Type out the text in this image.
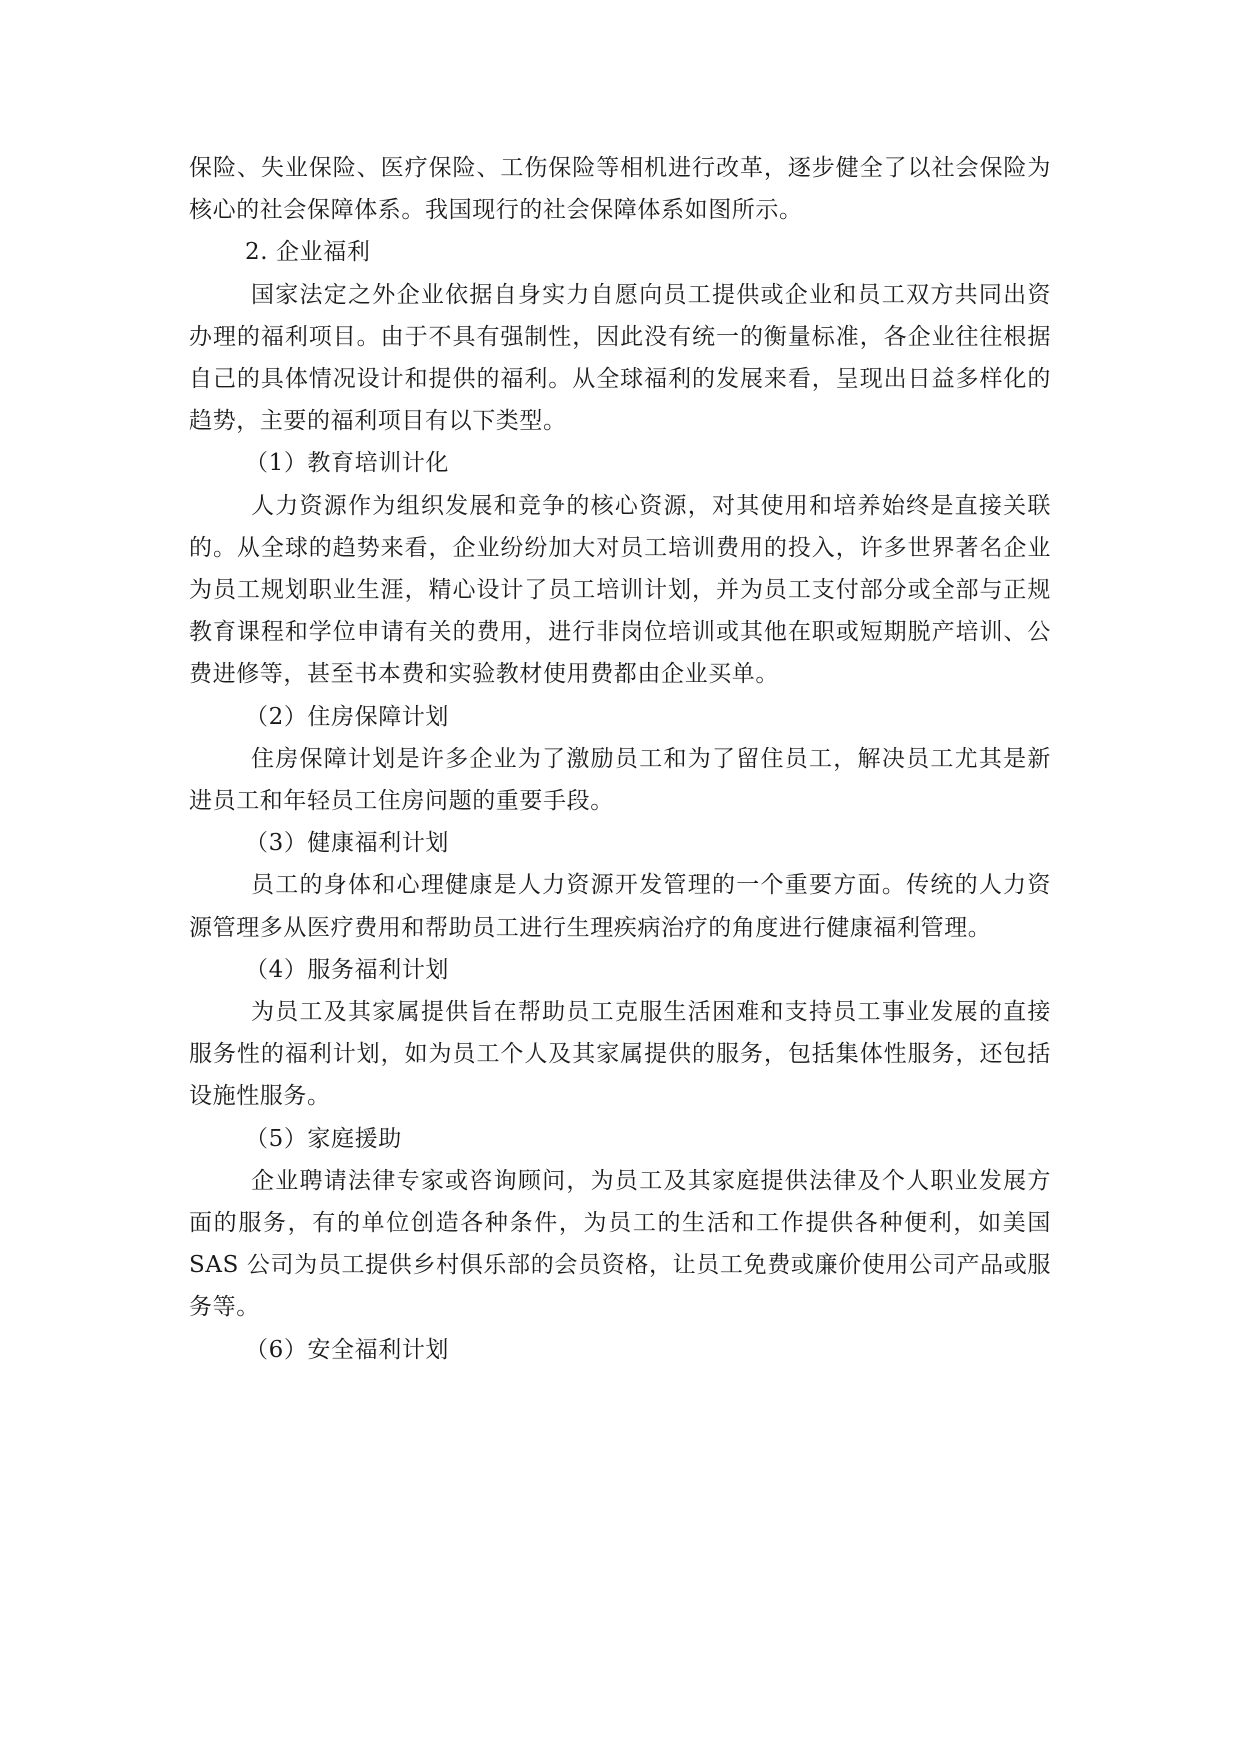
保险、失业保险、医疗保险、工伤保险等相机进行改革，逐步健全了以社会保险为核心的社会保障体系。我国现行的社会保障体系如图所示。

2. 企业福利

国家法定之外企业依据自身实力自愿向员工提供或企业和员工双方共同出资办理的福利项目。由于不具有强制性，因此没有统一的衡量标准，各企业往往根据自己的具体情况设计和提供的福利。从全球福利的发展来看，呈现出日益多样化的趋势，主要的福利项目有以下类型。

（1）教育培训计化

人力资源作为组织发展和竞争的核心资源，对其使用和培养始终是直接关联的。从全球的趋势来看，企业纷纷加大对员工培训费用的投入，许多世界著名企业为员工规划职业生涯，精心设计了员工培训计划，并为员工支付部分或全部与正规教育课程和学位申请有关的费用，进行非岗位培训或其他在职或短期脱产培训、公费进修等，甚至书本费和实验教材使用费都由企业买单。

（2）住房保障计划

住房保障计划是许多企业为了激励员工和为了留住员工，解决员工尤其是新进员工和年轻员工住房问题的重要手段。

（3）健康福利计划

员工的身体和心理健康是人力资源开发管理的一个重要方面。传统的人力资源管理多从医疗费用和帮助员工进行生理疾病治疗的角度进行健康福利管理。

（4）服务福利计划

为员工及其家属提供旨在帮助员工克服生活困难和支持员工事业发展的直接服务性的福利计划，如为员工个人及其家属提供的服务，包括集体性服务，还包括设施性服务。

（5）家庭援助

企业聘请法律专家或咨询顾问，为员工及其家庭提供法律及个人职业发展方面的服务，有的单位创造各种条件，为员工的生活和工作提供各种便利，如美国 SAS 公司为员工提供乡村俱乐部的会员资格，让员工免费或廉价使用公司产品或服务等。

（6）安全福利计划
